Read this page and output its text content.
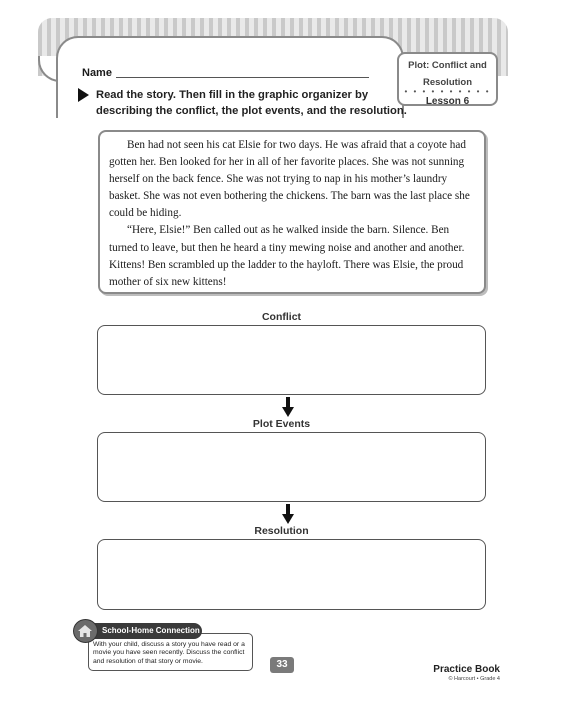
Plot: Conflict and
Resolution
• • • • • • • • • •
Lesson 6
Name
Read the story. Then fill in the graphic organizer by describing the conflict, the plot events, and the resolution.

Ben had not seen his cat Elsie for two days. He was afraid that a coyote had gotten her. Ben looked for her in all of her favorite places. She was not sunning herself on the back fence. She was not trying to nap in his mother’s laundry basket. She was not even bothering the chickens. The barn was the last place she could be hiding.

“Here, Elsie!” Ben called out as he walked inside the barn. Silence. Ben turned to leave, but then he heard a tiny mewing noise and another and another. Kittens! Ben scrambled up the ladder to the hayloft. There was Elsie, the proud mother of six new kittens!

Conflict
Plot Events
Resolution
School-Home Connection
With your child, discuss a story you have read or a movie you have seen recently. Discuss the conflict and resolution of that story or movie.	33	Practice Book
© Harcourt • Grade 4
